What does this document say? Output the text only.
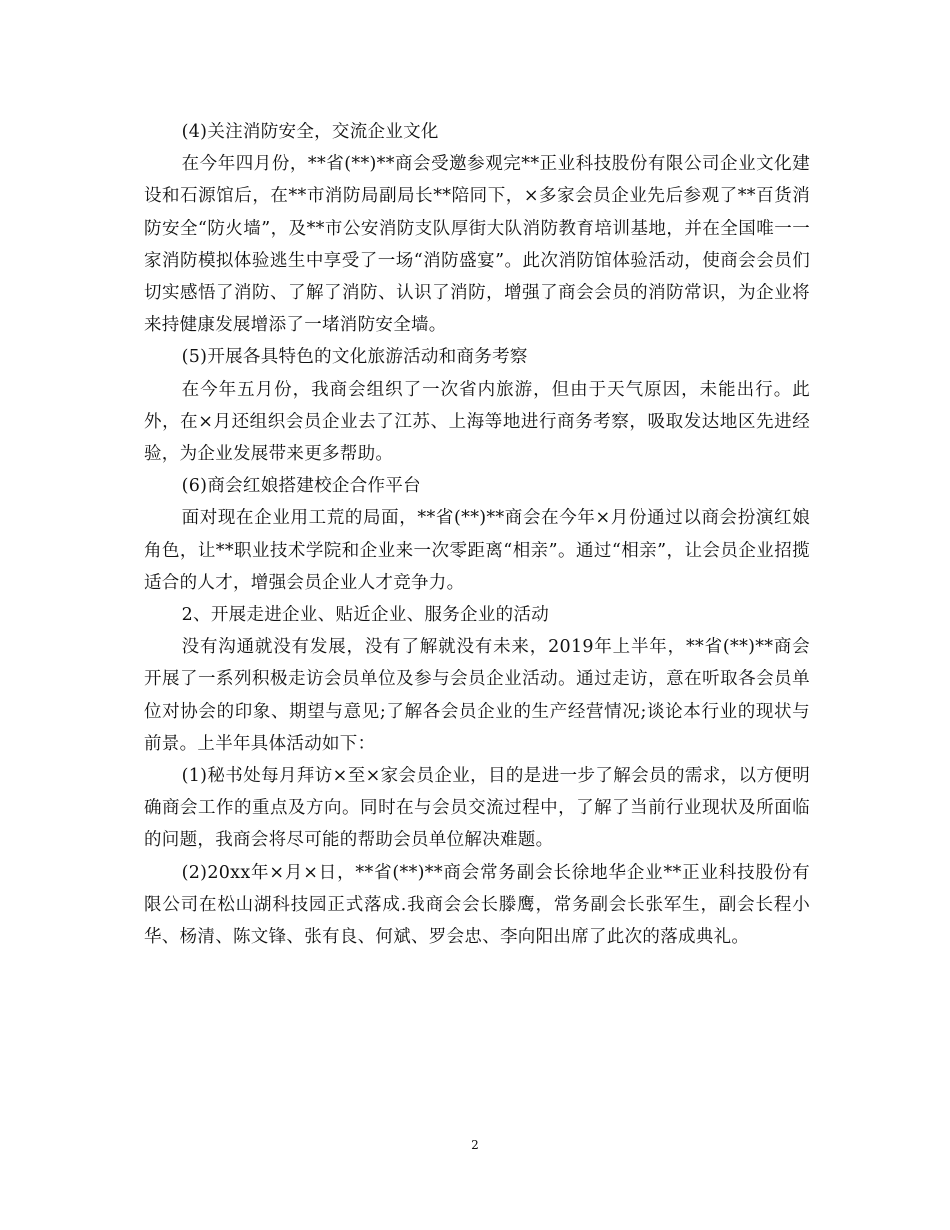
(4)关注消防安全，交流企业文化

在今年四月份，**省(**)**商会受邀参观完**正业科技股份有限公司企业文化建设和石源馆后，在**市消防局副局长**陪同下，×多家会员企业先后参观了**百货消防安全“防火墙”，及**市公安消防支队厚街大队消防教育培训基地，并在全国唯一一家消防模拟体验逃生中享受了一场“消防盛宴”。此次消防馆体验活动，使商会会员们切实感悟了消防、了解了消防、认识了消防，增强了商会会员的消防常识，为企业将来持健康发展增添了一堵消防安全墙。

(5)开展各具特色的文化旅游活动和商务考察

在今年五月份，我商会组织了一次省内旅游，但由于天气原因，未能出行。此外，在×月还组织会员企业去了江苏、上海等地进行商务考察，吸取发达地区先进经验，为企业发展带来更多帮助。

(6)商会红娘搭建校企合作平台

面对现在企业用工荒的局面，**省(**)**商会在今年×月份通过以商会扮演红娘角色，让**职业技术学院和企业来一次零距离“相亲”。通过“相亲”，让会员企业招揽适合的人才，增强会员企业人才竞争力。

2、开展走进企业、贴近企业、服务企业的活动

没有沟通就没有发展，没有了解就没有未来，2019年上半年，**省(**)**商会开展了一系列积极走访会员单位及参与会员企业活动。通过走访，意在听取各会员单位对协会的印象、期望与意见;了解各会员企业的生产经营情况;谈论本行业的现状与前景。上半年具体活动如下：

(1)秘书处每月拜访×至×家会员企业，目的是进一步了解会员的需求，以方便明确商会工作的重点及方向。同时在与会员交流过程中，了解了当前行业现状及所面临的问题，我商会将尽可能的帮助会员单位解决难题。

(2)20xx年×月×日，**省(**)**商会常务副会长徐地华企业**正业科技股份有限公司在松山湖科技园正式落成.我商会会长滕鹰，常务副会长张军生，副会长程小华、杨清、陈文锋、张有良、何斌、罗会忠、李向阳出席了此次的落成典礼。

2
